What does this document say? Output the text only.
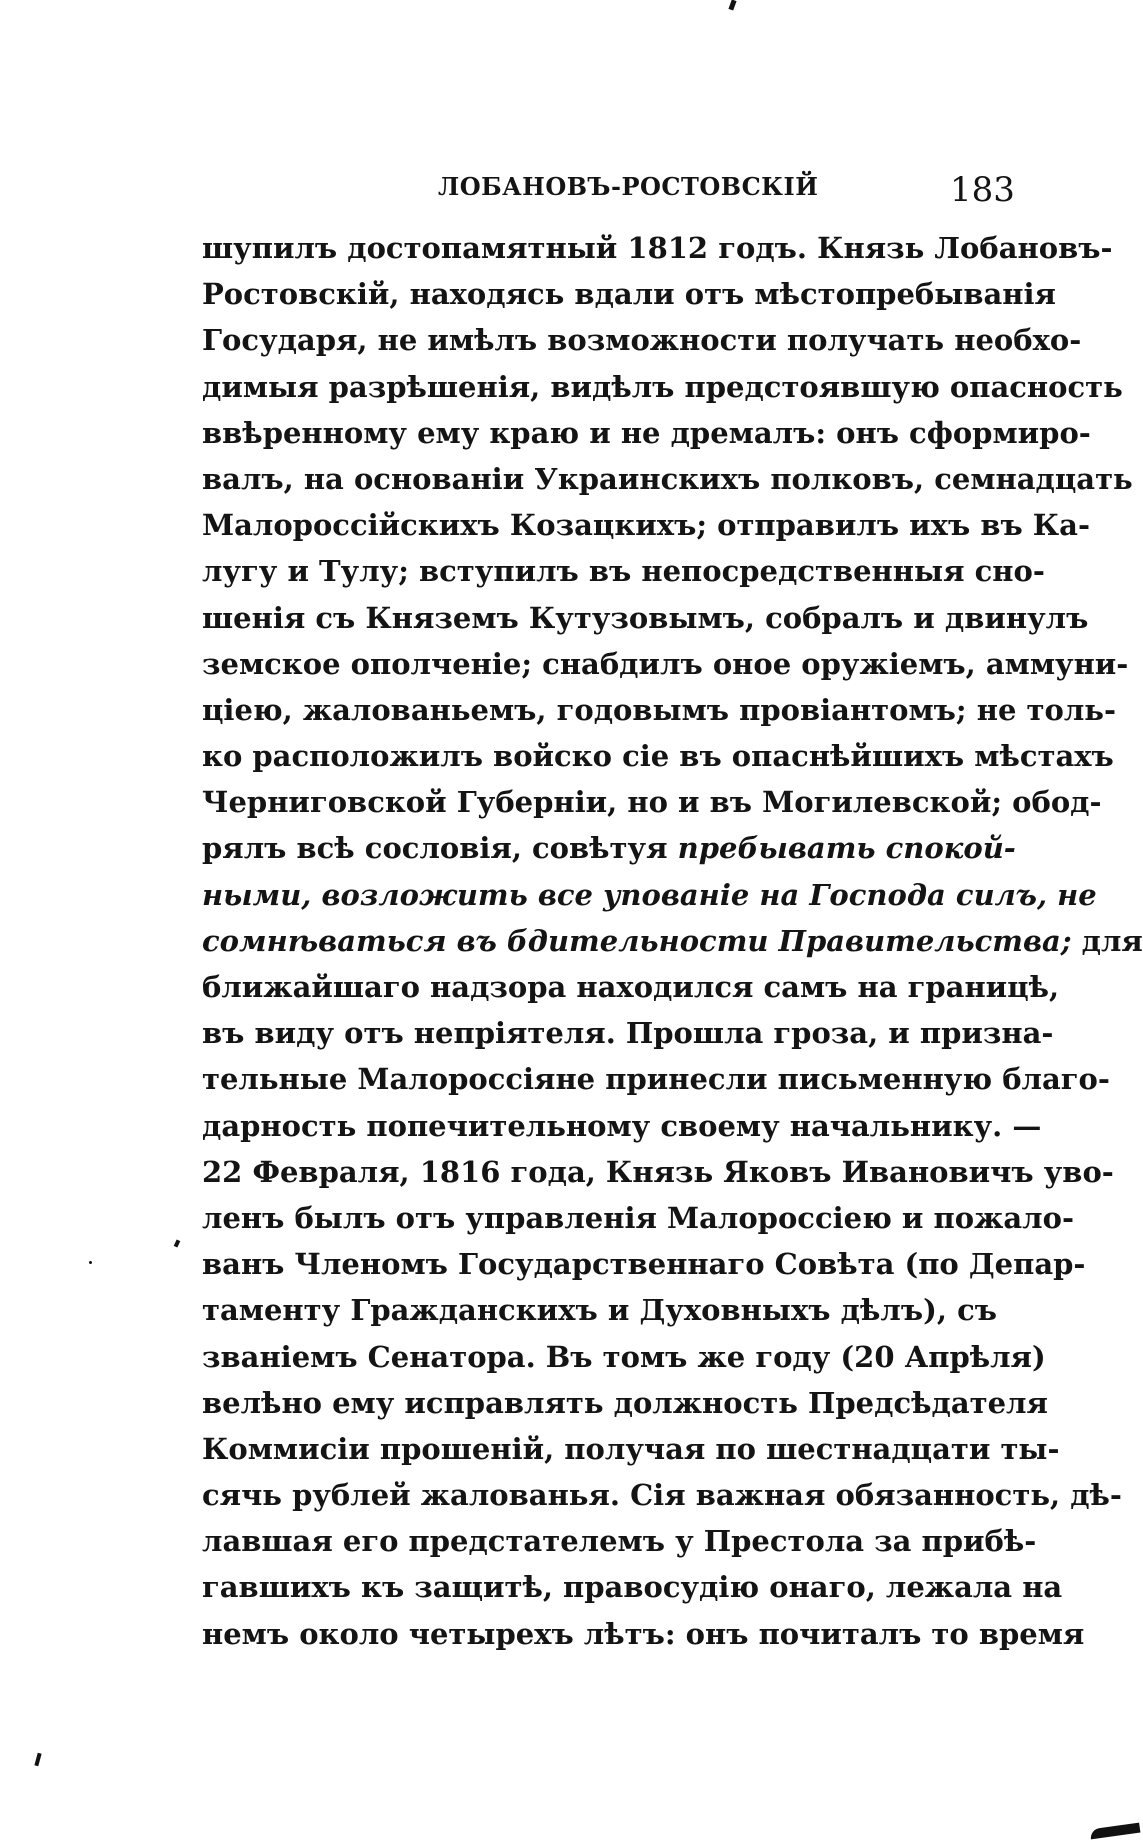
ЛОБАНОВЪ-РОСТОВСКІЙ	183
шупилъ достопамятный 1812 годъ. Князь Лобановъ-
Ростовскій, находясь вдали отъ мѣстопребыванія
Государя, не имѣлъ возможности получать необхо-
димыя разрѣшенія, видѣлъ предстоявшую опасность
ввѣренному ему краю и не дремалъ: онъ сформиро-
валъ, на основаніи Украинскихъ полковъ, семнадцать
Малороссійскихъ Козацкихъ; отправилъ ихъ въ Ка-
лугу и Тулу; вступилъ въ непосредственныя сно-
шенія съ Княземъ Кутузовымъ, собралъ и двинулъ
земское ополченіе; снабдилъ оное оружіемъ, аммуни-
ціею, жалованьемъ, годовымъ провіантомъ; не толь-
ко расположилъ войско сіе въ опаснѣйшихъ мѣстахъ
Черниговской Губерніи, но и въ Могилевской; обод-
рялъ всѣ сословія, совѣтуя пребывать спокой-
ными, возложить все упованіе на Господа силъ, не
сомнѣваться въ бдительности Правительства; для
ближайшаго надзора находился самъ на границѣ,
въ виду отъ непріятеля. Прошла гроза, и призна-
тельные Малороссіяне принесли письменную благо-
дарность попечительному своему начальнику. —
22 Февраля, 1816 года, Князь Яковъ Ивановичъ уво-
ленъ былъ отъ управленія Малороссіею и пожало-
ванъ Членомъ Государственнаго Совѣта (по Депар-
таменту Гражданскихъ и Духовныхъ дѣлъ), съ
званіемъ Сенатора. Въ томъ же году (20 Апрѣля)
велѣно ему исправлять должность Предсѣдателя
Коммисіи прошеній, получая по шестнадцати ты-
сячь рублей жалованья. Сія важная обязанность, дѣ-
лавшая его предстателемъ у Престола за прибѣ-
гавшихъ къ защитѣ, правосудію онаго, лежала на
немъ около четырехъ лѣтъ: онъ почиталъ то время
